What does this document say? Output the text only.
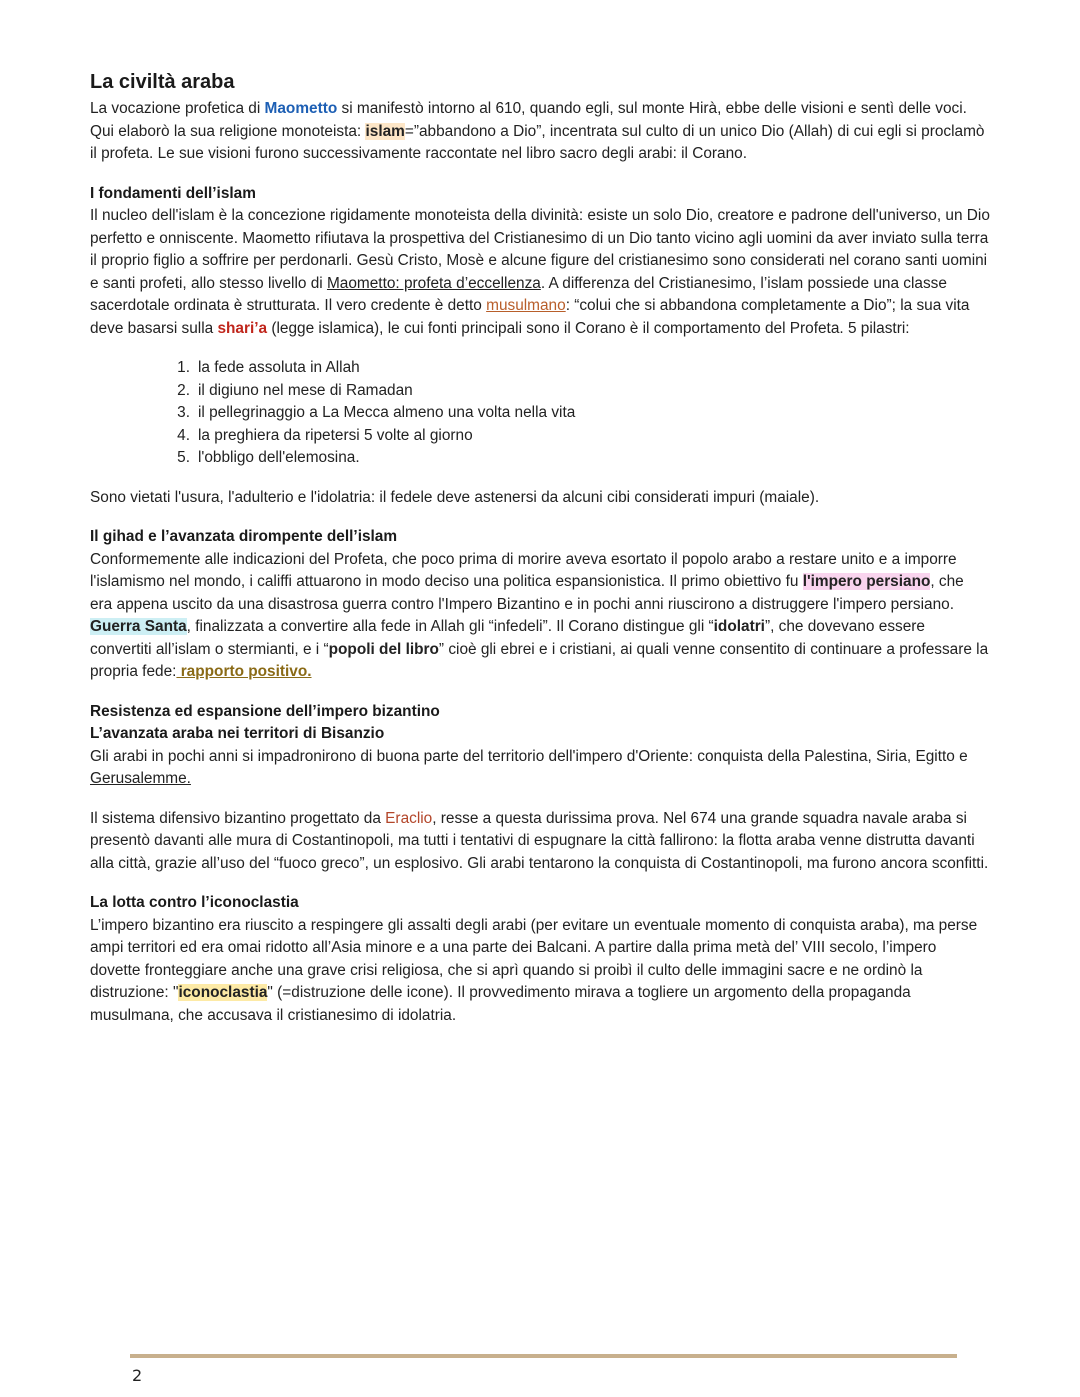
La civiltà araba

La vocazione profetica di Maometto si manifestò intorno al 610, quando egli, sul monte Hirà, ebbe delle visioni e sentì delle voci. Qui elaborò la sua religione monoteista: islam=”abbandono a Dio”, incentrata sul culto di un unico Dio (Allah) di cui egli si proclamò il profeta. Le sue visioni furono successivamente raccontate nel libro sacro degli arabi: il Corano.

I fondamenti dell’islam

Il nucleo dell'islam è la concezione rigidamente monoteista della divinità: esiste un solo Dio, creatore e padrone dell'universo, un Dio perfetto e onniscente. Maometto rifiutava la prospettiva del Cristianesimo di un Dio tanto vicino agli uomini da aver inviato sulla terra il proprio figlio a soffrire per perdonarli. Gesù Cristo, Mosè e alcune figure del cristianesimo sono considerati nel corano santi uomini e santi profeti, allo stesso livello di Maometto: profeta d’eccellenza. A differenza del Cristianesimo, l’islam possiede una classe sacerdotale ordinata è strutturata. Il vero credente è detto musulmano: “colui che si abbandona completamente a Dio”; la sua vita deve basarsi sulla shari’a (legge islamica), le cui fonti principali sono il Corano è il comportamento del Profeta. 5 pilastri:

1 . la fede assoluta in Allah
2 . il digiuno nel mese di Ramadan
3 . il pellegrinaggio a La Mecca almeno una volta nella vita
4 . la preghiera da ripetersi 5 volte al giorno
5 . l'obbligo dell'elemosina.

Sono vietati l'usura, l'adulterio e l'idolatria: il fedele deve astenersi da alcuni cibi considerati impuri (maiale).

Il gihad e l’avanzata dirompente dell’islam

Conformemente alle indicazioni del Profeta, che poco prima di morire aveva esortato il popolo arabo a restare unito e a imporre l'islamismo nel mondo, i califfi attuarono in modo deciso una politica espansionistica. Il primo obiettivo fu l'impero persiano, che era appena uscito da una disastrosa guerra contro l'Impero Bizantino e in pochi anni riuscirono a distruggere l'impero persiano. Guerra Santa, finalizzata a convertire alla fede in Allah gli “infedeli”. Il Corano distingue gli “idolatri”, che dovevano essere convertiti all’islam o stermianti, e i “popoli del libro” cioè gli ebrei e i cristiani, ai quali venne consentito di continuare a professare la propria fede: rapporto positivo.

Resistenza ed espansione dell’impero bizantino
L’avanzata araba nei territori di Bisanzio

Gli arabi in pochi anni si impadronirono di buona parte del territorio dell'impero d'Oriente: conquista della Palestina, Siria, Egitto e Gerusalemme.

Il sistema difensivo bizantino progettato da Eraclio, resse a questa durissima prova. Nel 674 una grande squadra navale araba si presentò davanti alle mura di Costantinopoli, ma tutti i tentativi di espugnare la città fallirono: la flotta araba venne distrutta davanti alla città, grazie all’uso del “fuoco greco”, un esplosivo. Gli arabi tentarono la conquista di Costantinopoli, ma furono ancora sconfitti.

La lotta contro l’iconoclastia

L’impero bizantino era riuscito a respingere gli assalti degli arabi (per evitare un eventuale momento di conquista araba), ma perse ampi territori ed era omai ridotto all’Asia minore e a una parte dei Balcani. A partire dalla prima metà del’ VIII secolo, l’impero dovette fronteggiare anche una grave crisi religiosa, che si aprì quando si proibì il culto delle immagini sacre e ne ordinò la distruzione: "iconoclastia" (=distruzione delle icone). Il provvedimento mirava a togliere un argomento della propaganda musulmana, che accusava il cristianesimo di idolatria.

2
